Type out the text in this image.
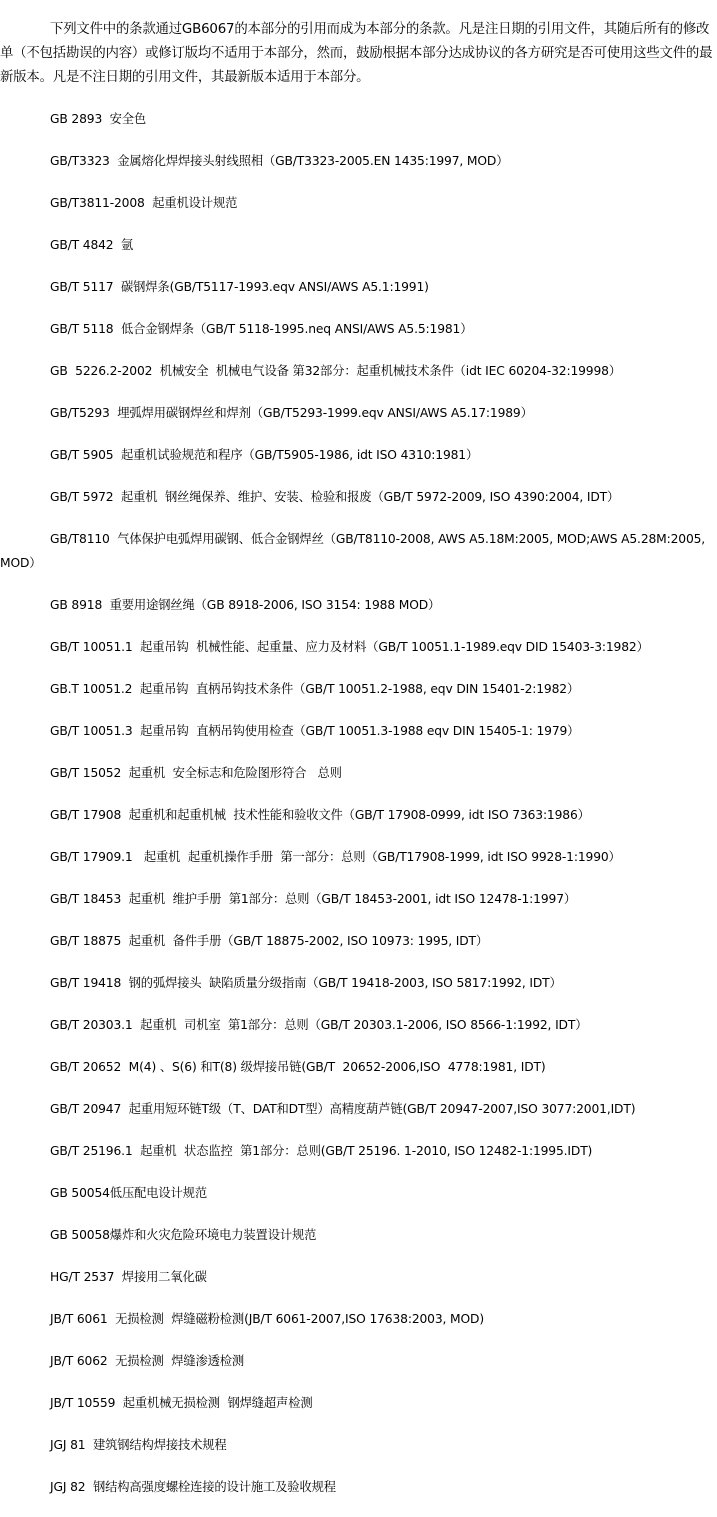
下列文件中的条款通过GB6067的本部分的引用而成为本部分的条款。凡是注日期的引用文件，其随后所有的修改单（不包括勘误的内容）或修订版均不适用于本部分，然而，鼓励根据本部分达成协议的各方研究是否可使用这些文件的最新版本。凡是不注日期的引用文件，其最新版本适用于本部分。

GB 2893  安全色
GB/T3323  金属熔化焊焊接头射线照相（GB/T3323-2005.EN 1435:1997, MOD）
GB/T3811-2008  起重机设计规范
GB/T 4842  氩
GB/T 5117  碳钢焊条(GB/T5117-1993.eqv ANSI/AWS A5.1:1991)
GB/T 5118  低合金钢焊条（GB/T 5118-1995.neq ANSI/AWS A5.5:1981）
GB  5226.2-2002  机械安全  机械电气设备 第32部分：起重机械技术条件（idt IEC 60204-32:19998）
GB/T5293  埋弧焊用碳钢焊丝和焊剂（GB/T5293-1999.eqv ANSI/AWS A5.17:1989）
GB/T 5905  起重机试验规范和程序（GB/T5905-1986, idt ISO 4310:1981）
GB/T 5972  起重机  钢丝绳保养、维护、安装、检验和报废（GB/T 5972-2009, ISO 4390:2004, IDT）
GB/T8110  气体保护电弧焊用碳钢、低合金钢焊丝（GB/T8110-2008, AWS A5.18M:2005, MOD;AWS A5.28M:2005, MOD）
GB 8918  重要用途钢丝绳（GB 8918-2006, ISO 3154: 1988 MOD）
GB/T 10051.1  起重吊钩  机械性能、起重量、应力及材料（GB/T 10051.1-1989.eqv DID 15403-3:1982）
GB.T 10051.2  起重吊钩  直柄吊钩技术条件（GB/T 10051.2-1988, eqv DIN 15401-2:1982）
GB/T 10051.3  起重吊钩  直柄吊钩使用检查（GB/T 10051.3-1988 eqv DIN 15405-1: 1979）
GB/T 15052  起重机  安全标志和危险图形符合   总则
GB/T 17908  起重机和起重机械  技术性能和验收文件（GB/T 17908-0999, idt ISO 7363:1986）
GB/T 17909.1   起重机  起重机操作手册  第一部分：总则（GB/T17908-1999, idt ISO 9928-1:1990）
GB/T 18453  起重机  维护手册  第1部分：总则（GB/T 18453-2001, idt ISO 12478-1:1997）
GB/T 18875  起重机  备件手册（GB/T 18875-2002, ISO 10973: 1995, IDT）
GB/T 19418  钢的弧焊接头  缺陷质量分级指南（GB/T 19418-2003, ISO 5817:1992, IDT）
GB/T 20303.1  起重机  司机室  第1部分：总则（GB/T 20303.1-2006, ISO 8566-1:1992, IDT）
GB/T 20652  M(4) 、S(6) 和T(8) 级焊接吊链(GB/T  20652-2006,ISO  4778:1981, IDT)
GB/T 20947  起重用短环链T级（T、DAT和DT型）高精度葫芦链(GB/T 20947-2007,ISO 3077:2001,IDT)
GB/T 25196.1  起重机  状态监控  第1部分：总则(GB/T 25196. 1-2010, ISO 12482-1:1995.IDT)
GB 50054低压配电设计规范
GB 50058爆炸和火灾危险环境电力装置设计规范
HG/T 2537  焊接用二氧化碳
JB/T 6061  无损检测  焊缝磁粉检测(JB/T 6061-2007,ISO 17638:2003, MOD)
JB/T 6062  无损检测  焊缝渗透检测
JB/T 10559  起重机械无损检测  钢焊缝超声检测
JGJ 81  建筑钢结构焊接技术规程
JGJ 82  钢结构高强度螺栓连接的设计施工及验收规程
